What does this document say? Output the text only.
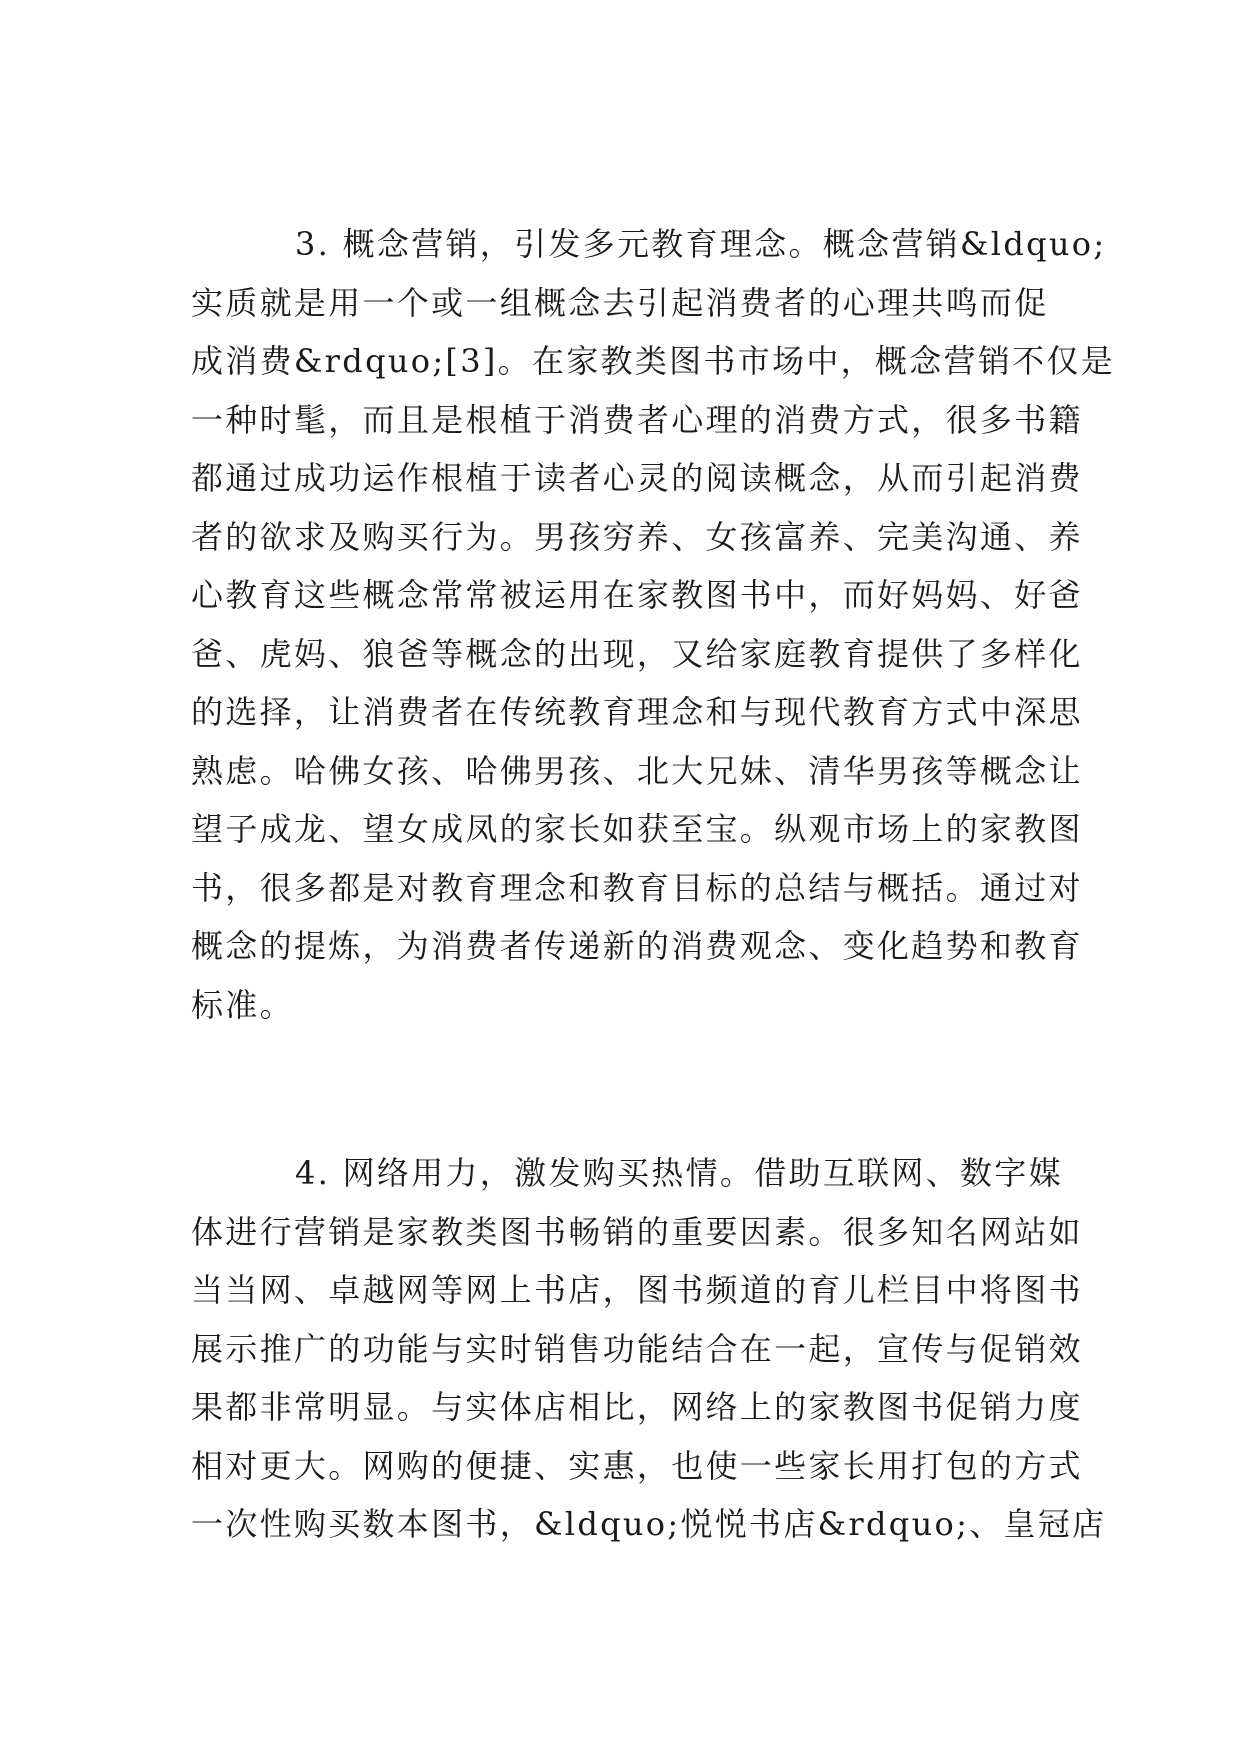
3. 概念营销，引发多元教育理念。概念营销&ldquo;
实质就是用一个或一组概念去引起消费者的心理共鸣而促
成消费&rdquo;[3]。在家教类图书市场中，概念营销不仅是
一种时髦，而且是根植于消费者心理的消费方式，很多书籍
都通过成功运作根植于读者心灵的阅读概念，从而引起消费
者的欲求及购买行为。男孩穷养、女孩富养、完美沟通、养
心教育这些概念常常被运用在家教图书中，而好妈妈、好爸
爸、虎妈、狼爸等概念的出现，又给家庭教育提供了多样化
的选择，让消费者在传统教育理念和与现代教育方式中深思
熟虑。哈佛女孩、哈佛男孩、北大兄妹、清华男孩等概念让
望子成龙、望女成凤的家长如获至宝。纵观市场上的家教图
书，很多都是对教育理念和教育目标的总结与概括。通过对
概念的提炼，为消费者传递新的消费观念、变化趋势和教育
标准。
4. 网络用力，激发购买热情。借助互联网、数字媒
体进行营销是家教类图书畅销的重要因素。很多知名网站如
当当网、卓越网等网上书店，图书频道的育儿栏目中将图书
展示推广的功能与实时销售功能结合在一起，宣传与促销效
果都非常明显。与实体店相比，网络上的家教图书促销力度
相对更大。网购的便捷、实惠，也使一些家长用打包的方式
一次性购买数本图书，&ldquo;悦悦书店&rdquo;、皇冠店
